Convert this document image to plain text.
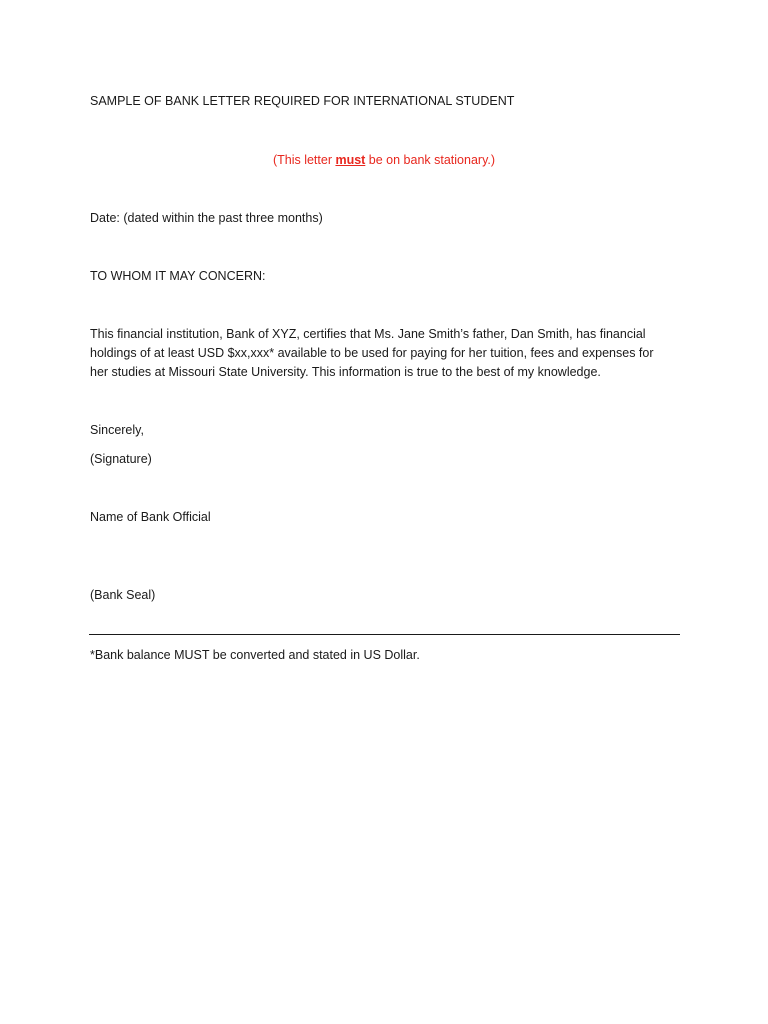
SAMPLE OF BANK LETTER REQUIRED FOR INTERNATIONAL STUDENT
(This letter must be on bank stationary.)
Date: (dated within the past three months)
TO WHOM IT MAY CONCERN:
This financial institution, Bank of XYZ, certifies that Ms. Jane Smith’s father, Dan Smith, has financial
holdings of at least USD $xx,xxx* available to be used for paying for her tuition, fees and expenses for
her studies at Missouri State University. This information is true to the best of my knowledge.
Sincerely,
(Signature)
Name of Bank Official
(Bank Seal)
*Bank balance MUST be converted and stated in US Dollar.
